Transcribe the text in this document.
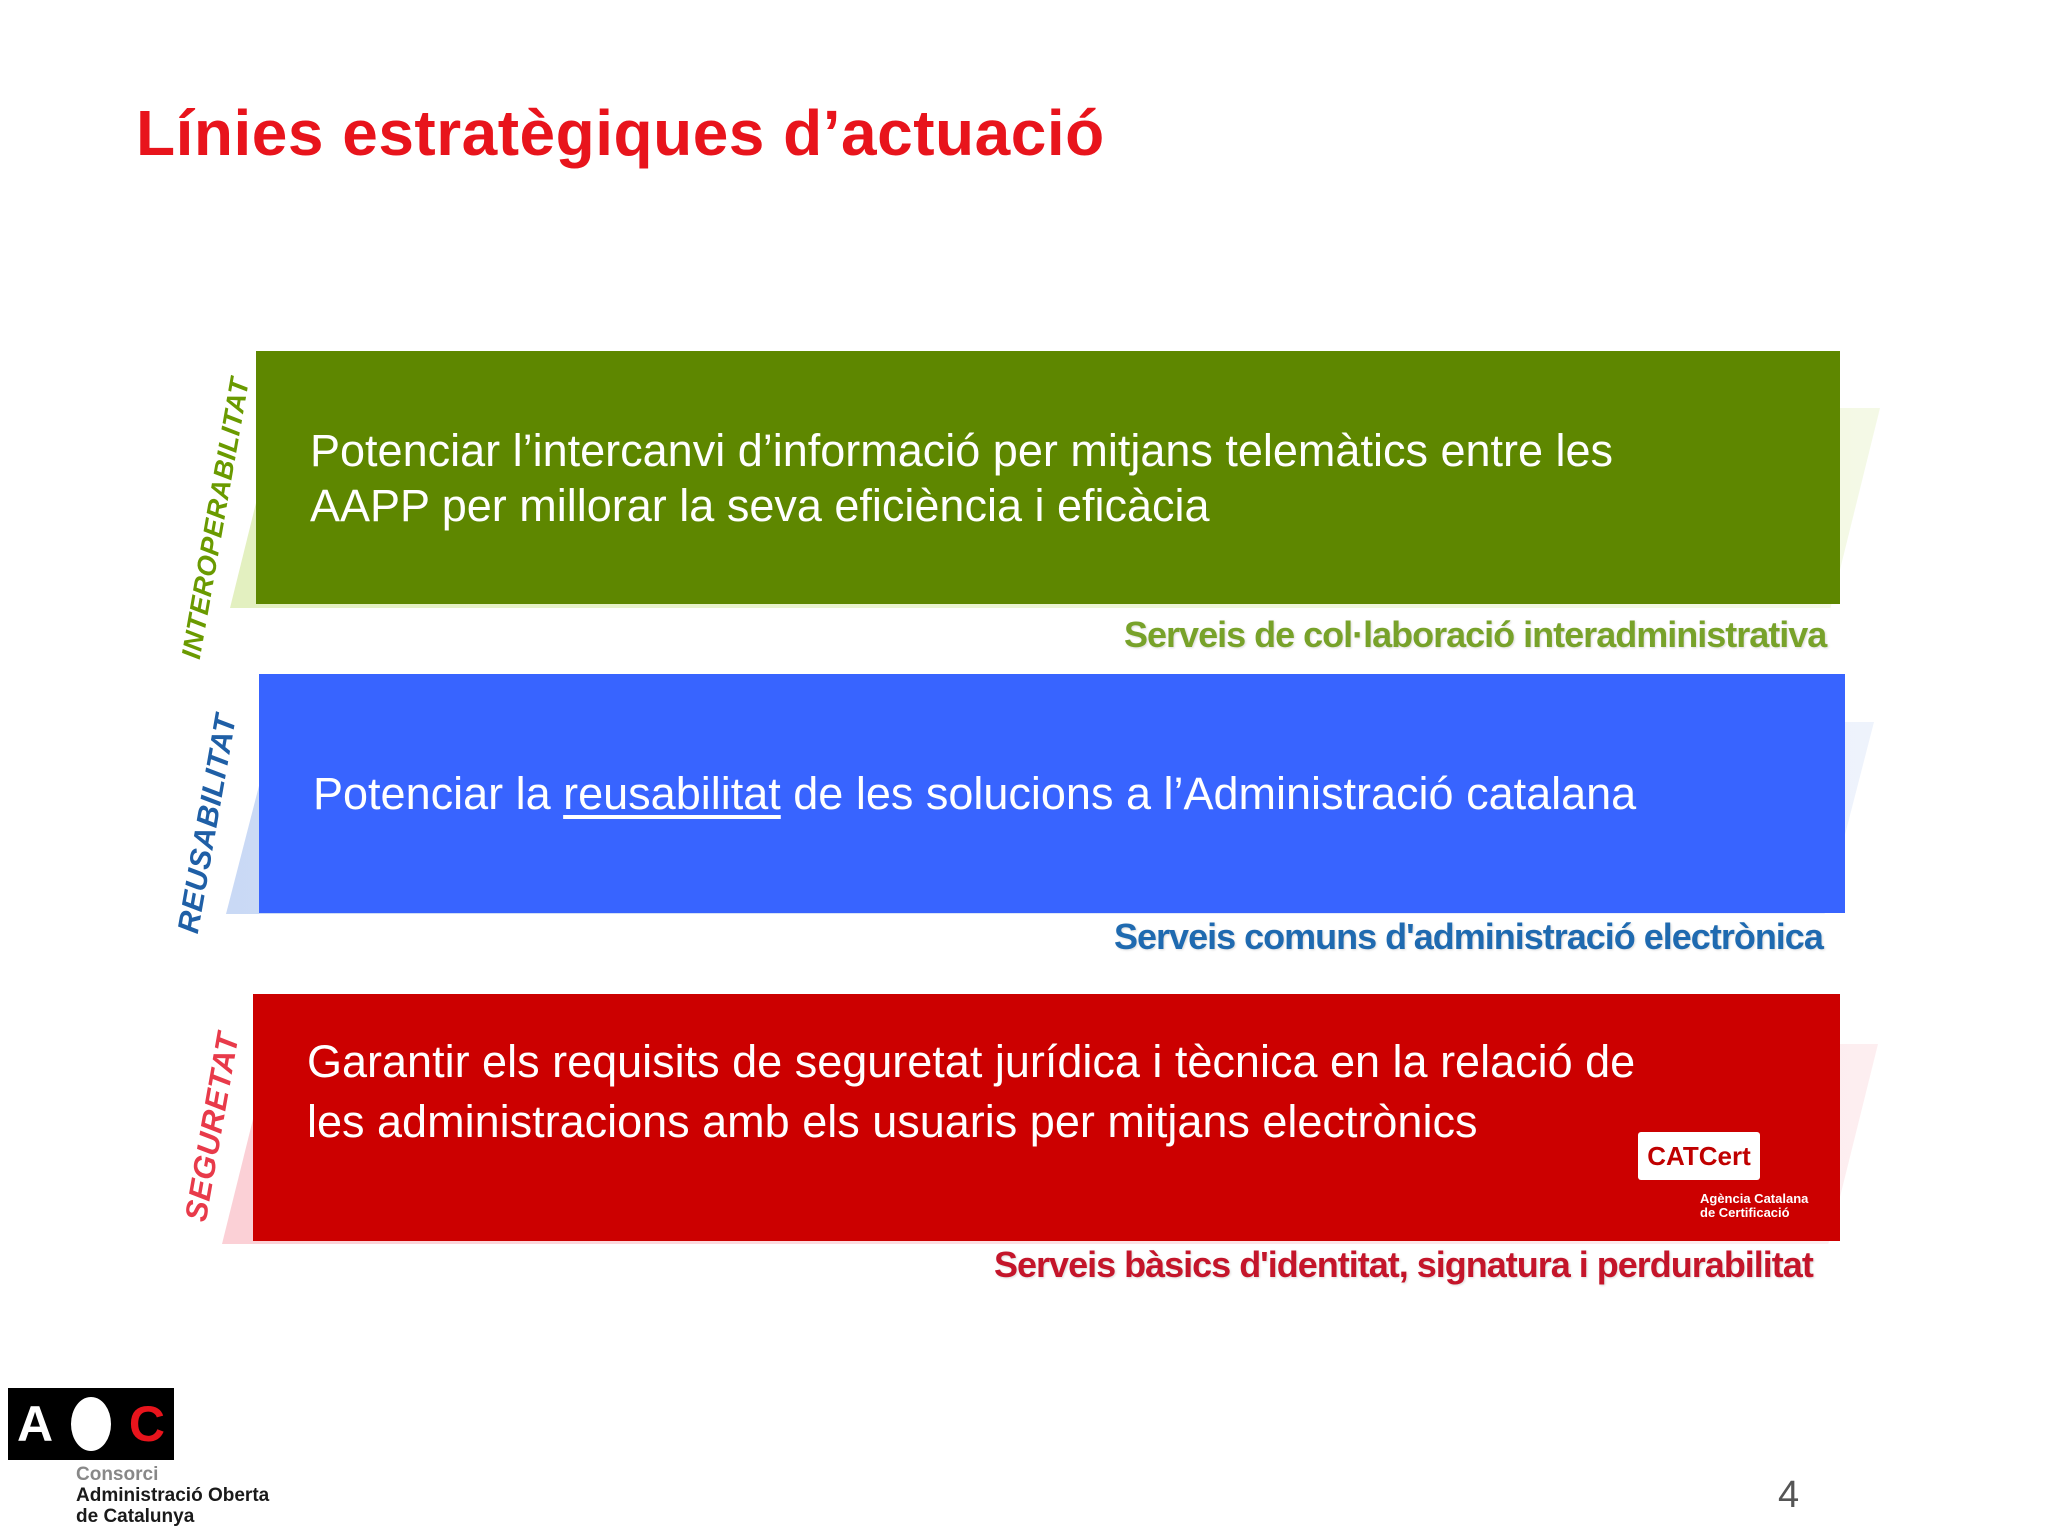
Línies estratègiques d’actuació
INTEROPERABILITAT Potenciar l’intercanvi d’informació per mitjans telemàtics entre les
AAPP per millorar la seva eficiència i eficàcia
Serveis de col·laboració interadministrativa
REUSABILITAT Potenciar la reusabilitat de les solucions a l’Administració catalana
Serveis comuns d'administració electrònica
SEGURETAT Garantir els requisits de seguretat jurídica i tècnica en la relació de
les administracions amb els usuaris per mitjans electrònics
Serveis bàsics d'identitat, signatura i perdurabilitat
CATCert
Agència Catalana
de Certificació
A C
Consorci
Administració Oberta
de Catalunya
4
